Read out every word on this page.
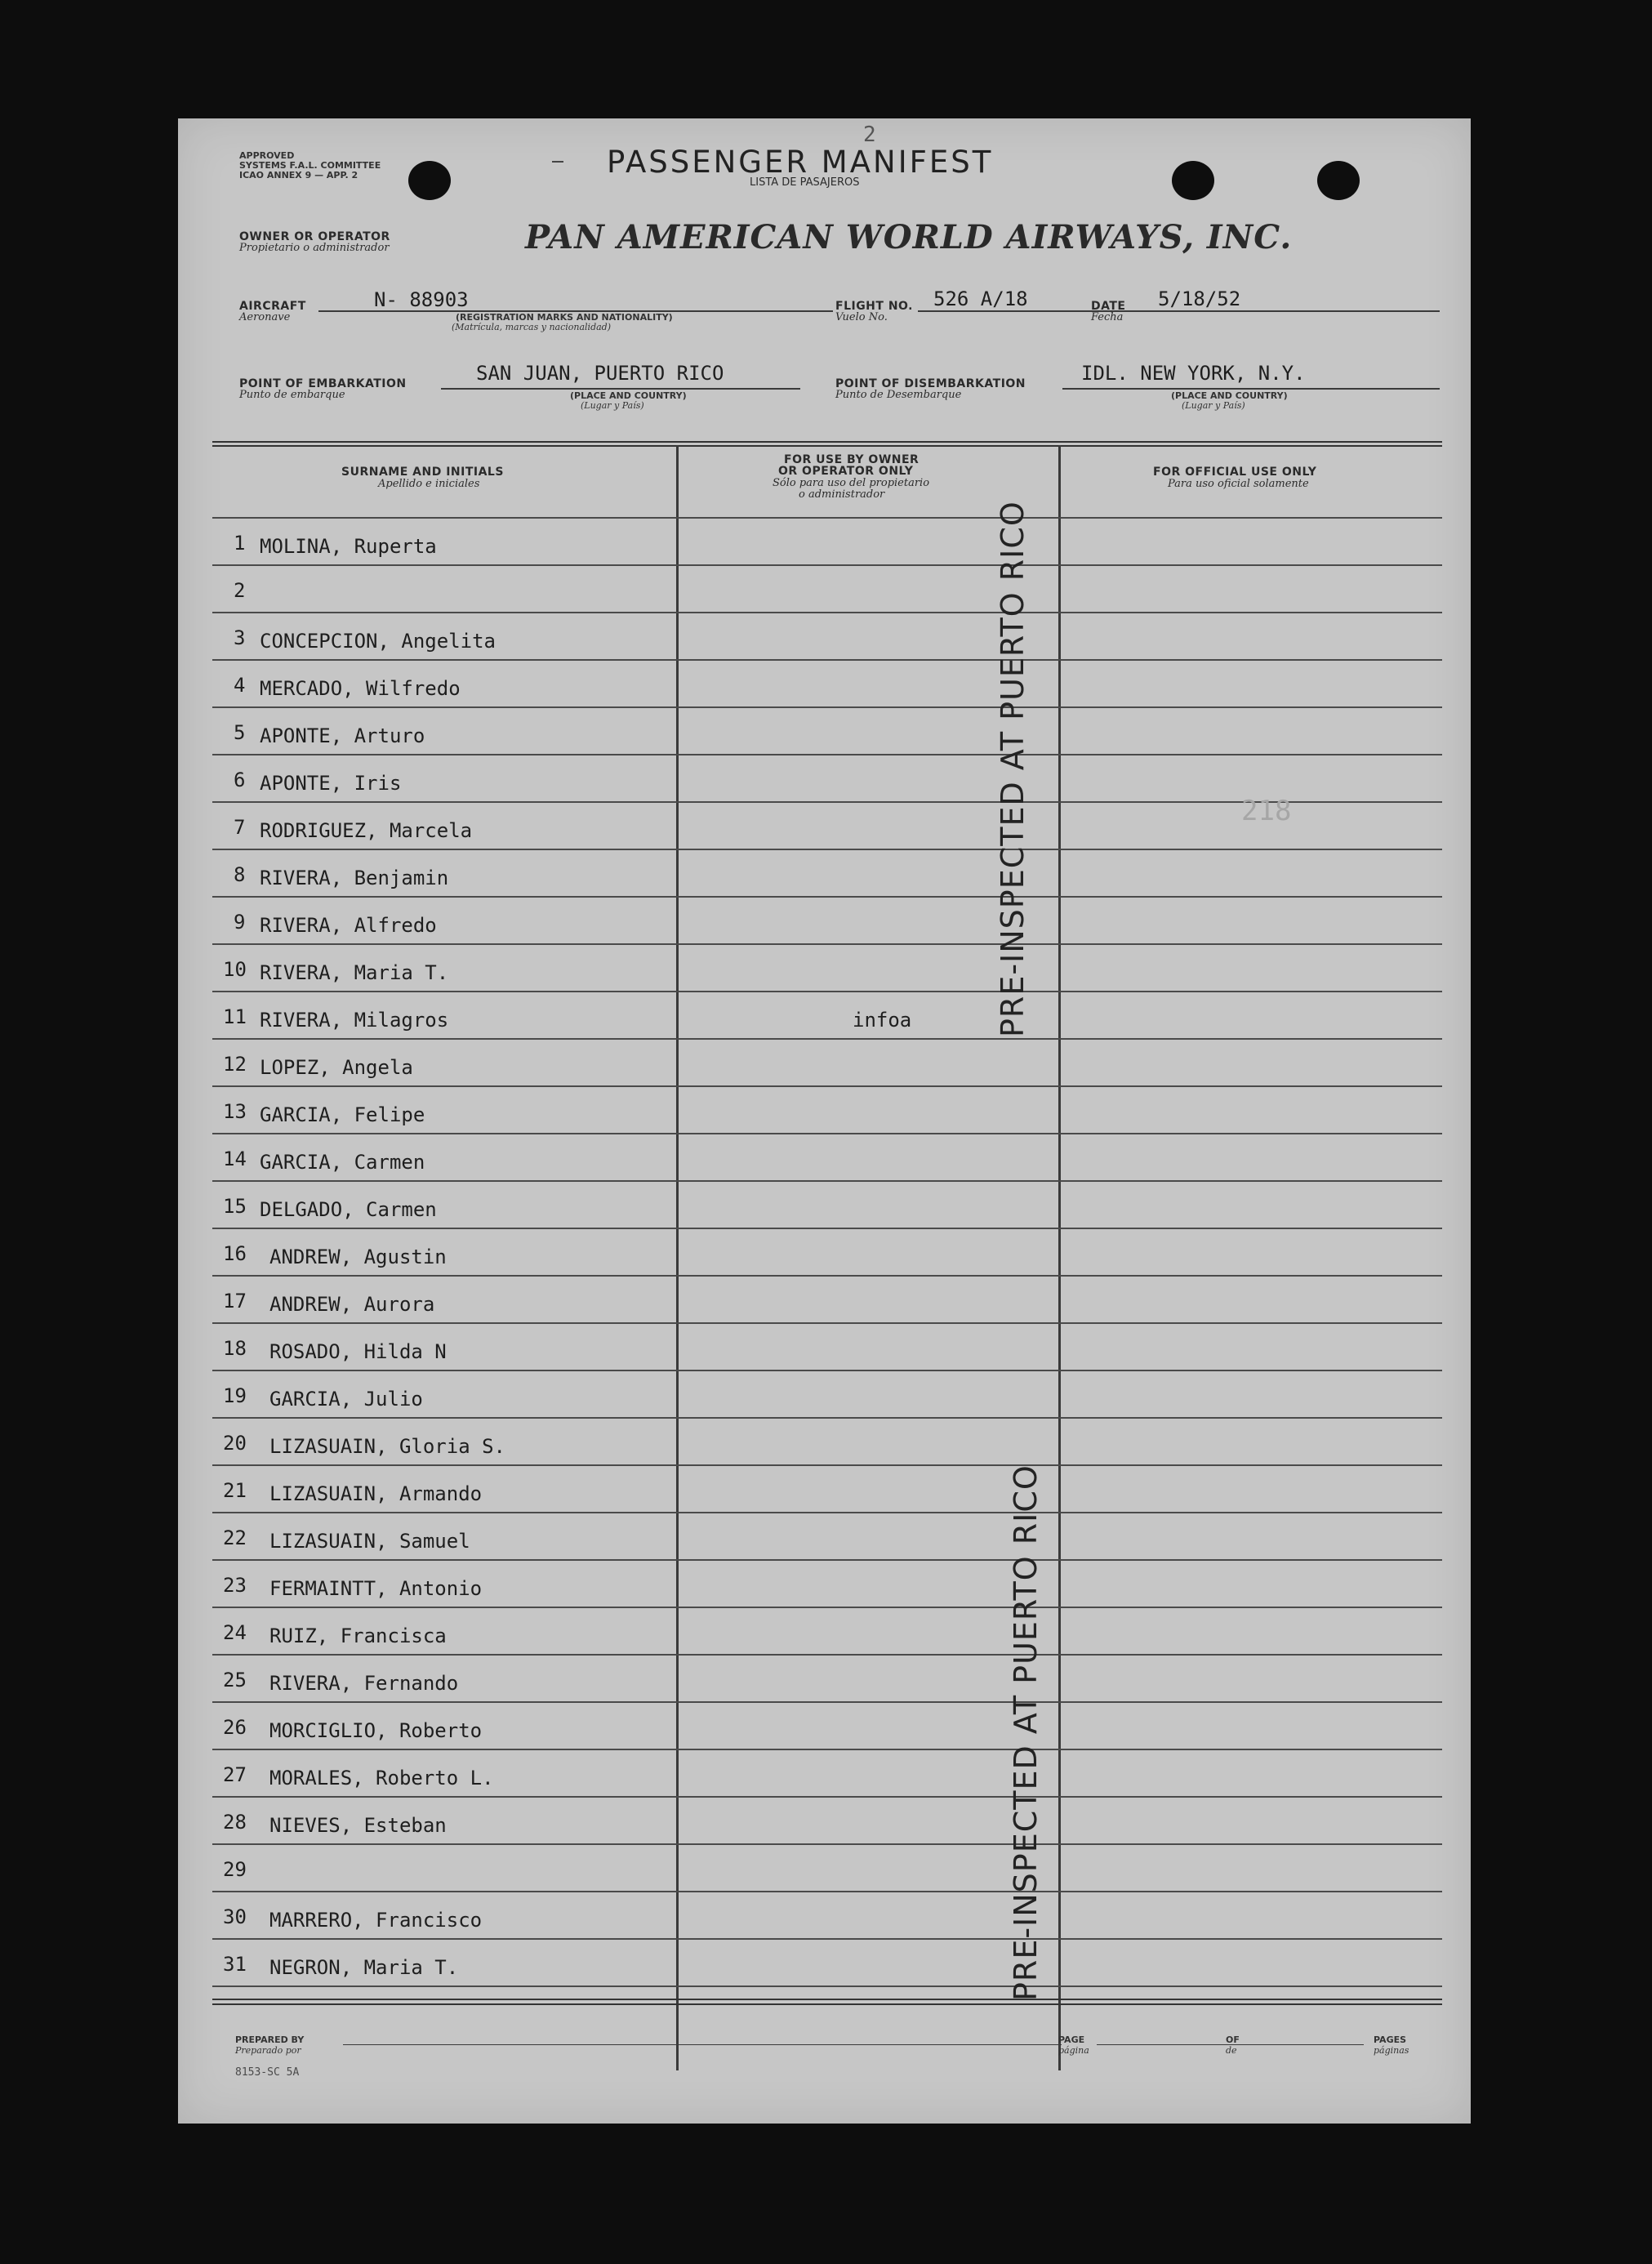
APPROVED
SYSTEMS F.A.L. COMMITTEE
ICAO ANNEX 9 — APP. 2	PASSENGER MANIFEST
2
LISTA DE PASAJEROS
OWNER OR OPERATOR
Propietario o administrador	PAN AMERICAN WORLD AIRWAYS, INC.
AIRCRAFT
Aeronave
N- 88903
(REGISTRATION MARKS AND NATIONALITY)
(Matrícula, marcas y nacionalidad)
FLIGHT NO.
Vuelo No.
526 A/18	DATE
Fecha
5/18/52
POINT OF EMBARKATION
Punto de embarque
SAN JUAN, PUERTO RICO
(PLACE AND COUNTRY)
(Lugar y País)
POINT OF DISEMBARKATION
Punto de Desembarque
IDL. NEW YORK, N.Y.
(PLACE AND COUNTRY)
(Lugar y País)
SURNAME AND INITIALS
Apellido e iniciales
FOR USE BY OWNER
OR OPERATOR ONLY
Sólo para uso del propietario
o administrador
FOR OFFICIAL USE ONLY
Para uso oficial solamente
1 MOLINA, Ruperta
2
3 CONCEPCION, Angelita
4 MERCADO, Wilfredo
5 APONTE, Arturo
6 APONTE, Iris
7 RODRIGUEZ, Marcela
8 RIVERA, Benjamin
9 RIVERA, Alfredo
10 RIVERA, Maria T.
11 RIVERA, Milagros	infoa
12 LOPEZ, Angela
13 GARCIA, Felipe
14 GARCIA, Carmen
15 DELGADO, Carmen
16 ANDREW, Agustin
17 ANDREW, Aurora
18 ROSADO, Hilda N
19 GARCIA, Julio
20 LIZASUAIN, Gloria S.
21 LIZASUAIN, Armando
22 LIZASUAIN, Samuel
23 FERMAINTT, Antonio
24 RUIZ, Francisca
25 RIVERA, Fernando
26 MORCIGLIO, Roberto
27 MORALES, Roberto L.
28 NIEVES, Esteban
29
30 MARRERO, Francisco
31 NEGRON, Maria T.
PRE-INSPECTED AT PUERTO RICO
PRE-INSPECTED AT PUERTO RICO
218
PREPARED BY
Preparado por
PAGE
página
OF
de
PAGES
páginas
8153-SC 5A
